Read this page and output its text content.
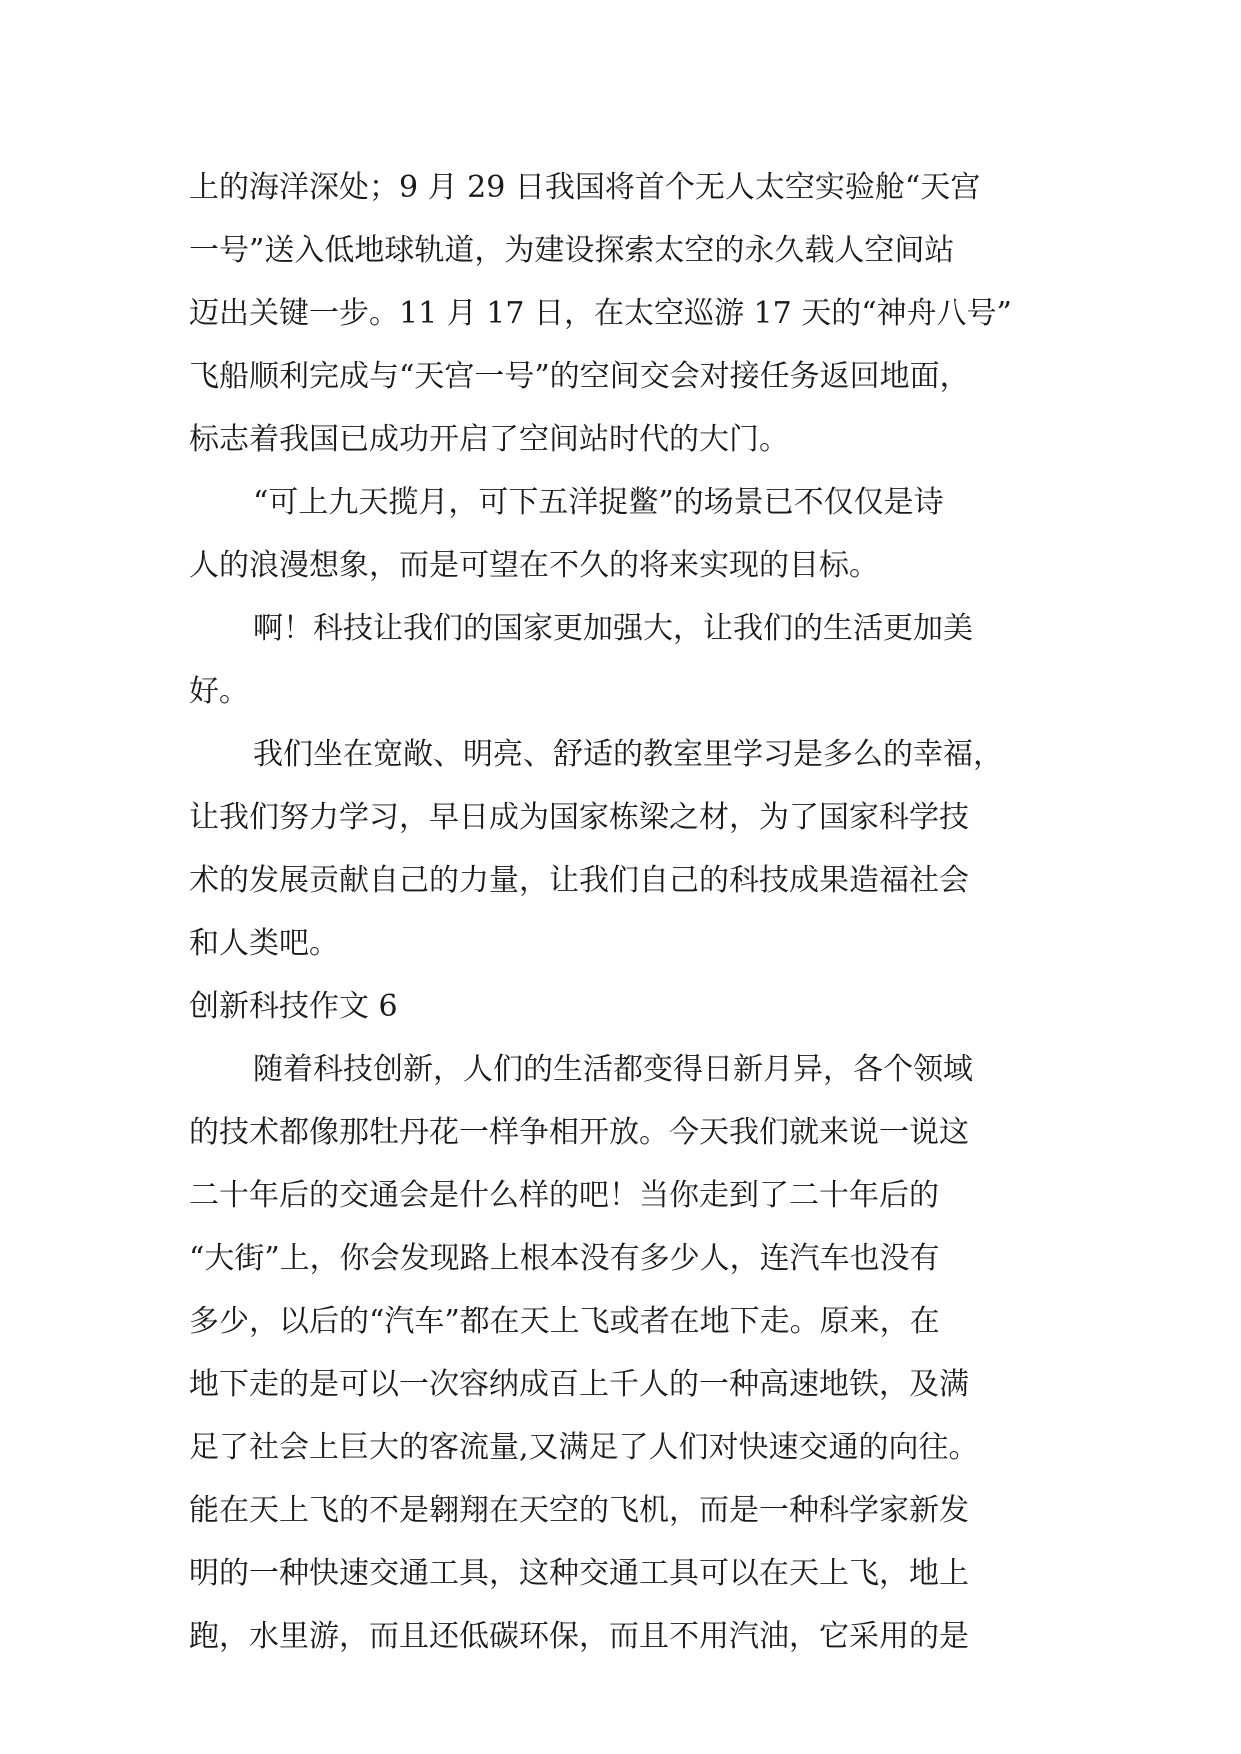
上的海洋深处；9 月 29 日我国将首个无人太空实验舱“天宫
一号”送入低地球轨道，为建设探索太空的永久载人空间站
迈出关键一步。11 月 17 日，在太空巡游 17 天的“神舟八号”
飞船顺利完成与“天宫一号”的空间交会对接任务返回地面，
标志着我国已成功开启了空间站时代的大门。
“可上九天揽月，可下五洋捉鳖”的场景已不仅仅是诗
人的浪漫想象，而是可望在不久的将来实现的目标。
啊！科技让我们的国家更加强大，让我们的生活更加美
好。
我们坐在宽敞、明亮、舒适的教室里学习是多么的幸福，
让我们努力学习，早日成为国家栋梁之材，为了国家科学技
术的发展贡献自己的力量，让我们自己的科技成果造福社会
和人类吧。
创新科技作文 6
随着科技创新，人们的生活都变得日新月异，各个领域
的技术都像那牡丹花一样争相开放。今天我们就来说一说这
二十年后的交通会是什么样的吧！当你走到了二十年后的
“大街”上，你会发现路上根本没有多少人，连汽车也没有
多少，以后的“汽车”都在天上飞或者在地下走。原来，在
地下走的是可以一次容纳成百上千人的一种高速地铁，及满
足了社会上巨大的客流量,又满足了人们对快速交通的向往。
能在天上飞的不是翱翔在天空的飞机，而是一种科学家新发
明的一种快速交通工具，这种交通工具可以在天上飞，地上
跑，水里游，而且还低碳环保，而且不用汽油，它采用的是
